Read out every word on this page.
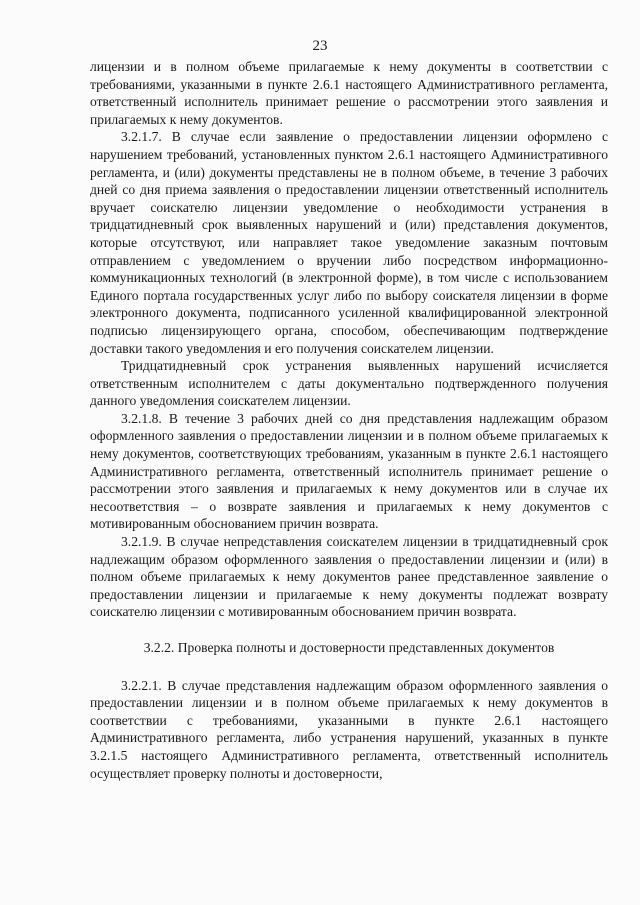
23

лицензии и в полном объеме прилагаемые к нему документы в соответствии с требованиями, указанными в пункте 2.6.1 настоящего Административного регламента, ответственный исполнитель принимает решение о рассмотрении этого заявления и прилагаемых к нему документов.

3.2.1.7. В случае если заявление о предоставлении лицензии оформлено с нарушением требований, установленных пунктом 2.6.1 настоящего Административного регламента, и (или) документы представлены не в полном объеме, в течение 3 рабочих дней со дня приема заявления о предоставлении лицензии ответственный исполнитель вручает соискателю лицензии уведомление о необходимости устранения в тридцатидневный срок выявленных нарушений и (или) представления документов, которые отсутствуют, или направляет такое уведомление заказным почтовым отправлением с уведомлением о вручении либо посредством информационно-коммуникационных технологий (в электронной форме), в том числе с использованием Единого портала государственных услуг либо по выбору соискателя лицензии в форме электронного документа, подписанного усиленной квалифицированной электронной подписью лицензирующего органа, способом, обеспечивающим подтверждение доставки такого уведомления и его получения соискателем лицензии.

Тридцатидневный срок устранения выявленных нарушений исчисляется ответственным исполнителем с даты документально подтвержденного получения данного уведомления соискателем лицензии.

3.2.1.8. В течение 3 рабочих дней со дня представления надлежащим образом оформленного заявления о предоставлении лицензии и в полном объеме прилагаемых к нему документов, соответствующих требованиям, указанным в пункте 2.6.1 настоящего Административного регламента, ответственный исполнитель принимает решение о рассмотрении этого заявления и прилагаемых к нему документов или в случае их несоответствия – о возврате заявления и прилагаемых к нему документов с мотивированным обоснованием причин возврата.

3.2.1.9. В случае непредставления соискателем лицензии в тридцатидневный срок надлежащим образом оформленного заявления о предоставлении лицензии и (или) в полном объеме прилагаемых к нему документов ранее представленное заявление о предоставлении лицензии и прилагаемые к нему документы подлежат возврату соискателю лицензии с мотивированным обоснованием причин возврата.

3.2.2. Проверка полноты и достоверности представленных документов

3.2.2.1. В случае представления надлежащим образом оформленного заявления о предоставлении лицензии и в полном объеме прилагаемых к нему документов в соответствии с требованиями, указанными в пункте 2.6.1 настоящего Административного регламента, либо устранения нарушений, указанных в пункте 3.2.1.5 настоящего Административного регламента, ответственный исполнитель осуществляет проверку полноты и достоверности,
